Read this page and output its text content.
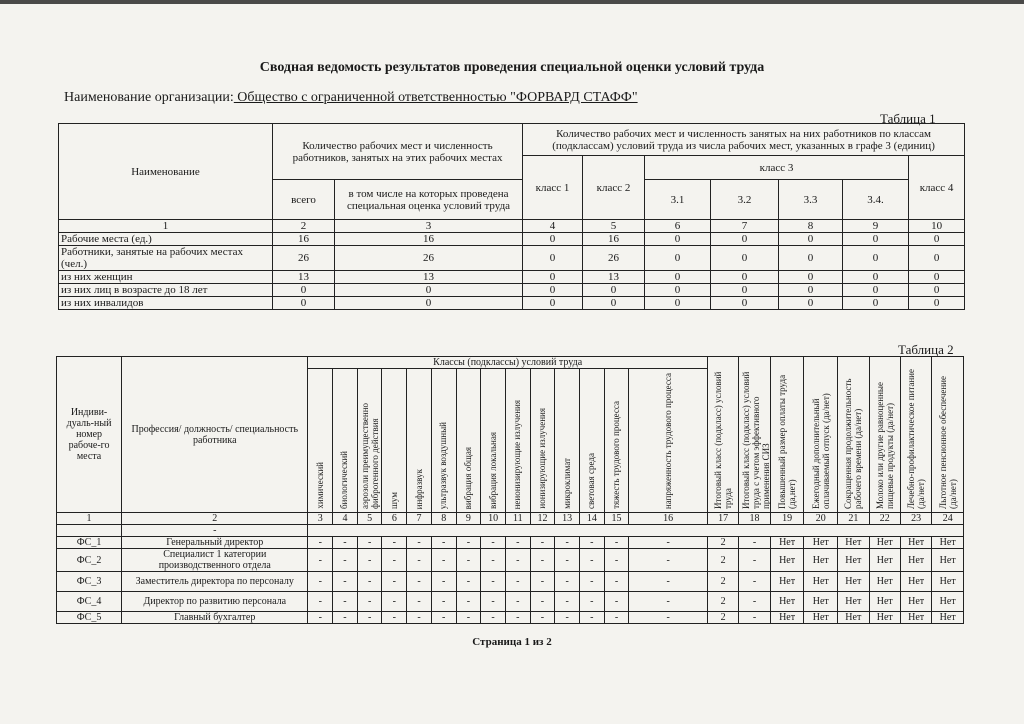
Сводная ведомость результатов проведения специальной оценки условий труда
Наименование организации: Общество с ограниченной ответственностью "ФОРВАРД СТАФФ"
Таблица 1
Наименование	Количество рабочих мест и численность работников, занятых на этих рабочих местах		Количество рабочих мест и численность занятых на них работников по классам (подклассам) условий труда из числа рабочих мест, указанных в графе 3 (единиц)						
			класс 1	класс 2	класс 3				класс 4
	всего	в том числе на которых проведена специальная оценка условий труда			3.1	3.2	3.3	3.4.	
1	2	3	4	5	6	7	8	9	10
Рабочие места (ед.)	16	16	0	16	0	0	0	0	0
Работники, занятые на рабочих местах (чел.)	26	26	0	26	0	0	0	0	0
из них женщин	13	13	0	13	0	0	0	0	0
из них лиц в возрасте до 18 лет	0	0	0	0	0	0	0	0	0
из них инвалидов	0	0	0	0	0	0	0	0	0
Таблица 2
Индиви-дуаль-ный номер рабоче-го места	Профессия/ должность/ специальность работника	Классы (подклассы) условий труда														Итоговый класс (подкласс) условий труда	Итоговый класс (подкласс) условий труда с учетом эффективного применения СИЗ	Повышенный размер оплаты труда (да,нет)	Ежегодный дополнительный оплачиваемый отпуск (да/нет)	Сокращенная продолжительность рабочего времени (да/нет)	Молоко или другие равноценные пищевые продукты (да/нет)	Лечебно-профилактическое питание (да/нет)	Льготное пенсионное обеспечение (да/нет)
		химический	биологический	аэрозоли преимущественно фиброгенного действия	шум	инфразвук	ультразвук воздушный	вибрация общая	вибрация локальная	неионизирующие излучения	ионизирующие излучения	микроклимат	световая среда	тяжесть трудового процесса	напряженность трудового процесса								
1	2	3	4	5	6	7	8	9	10	11	12	13	14	15	16	17	18	19	20	21	22	23	24
	-																						
ФС_1	Генеральный директор	-	-	-	-	-	-	-	-	-	-	-	-	-	-	2	-	Нет	Нет	Нет	Нет	Нет	Нет
ФС_2	Специалист 1 категории производственного отдела	-	-	-	-	-	-	-	-	-	-	-	-	-	-	2	-	Нет	Нет	Нет	Нет	Нет	Нет
ФС_3	Заместитель директора по персоналу	-	-	-	-	-	-	-	-	-	-	-	-	-	-	2	-	Нет	Нет	Нет	Нет	Нет	Нет
ФС_4	Директор по развитию персонала	-	-	-	-	-	-	-	-	-	-	-	-	-	-	2	-	Нет	Нет	Нет	Нет	Нет	Нет
ФС_5	Главный бухгалтер	-	-	-	-	-	-	-	-	-	-	-	-	-	-	2	-	Нет	Нет	Нет	Нет	Нет	Нет
Страница 1 из 2
